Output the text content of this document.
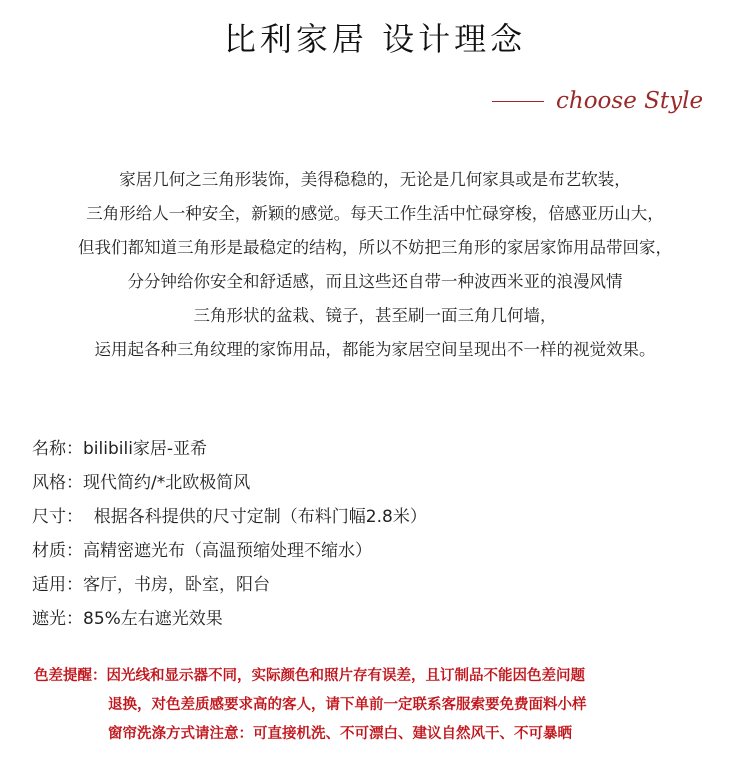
比利家居 设计理念
choose Style
家居几何之三角形装饰，美得稳稳的，无论是几何家具或是布艺软装，
三角形给人一种安全，新颖的感觉。每天工作生活中忙碌穿梭，倍感亚历山大，
但我们都知道三角形是最稳定的结构，所以不妨把三角形的家居家饰用品带回家，
分分钟给你安全和舒适感，而且这些还自带一种波西米亚的浪漫风情
三角形状的盆栽、镜子，甚至刷一面三角几何墙，
运用起各种三角纹理的家饰用品，都能为家居空间呈现出不一样的视觉效果。
名称： bilibili家居-亚希
风格： 现代简约/*北欧极简风
尺寸： 根据各科提供的尺寸定制（布料门幅2.8米）
材质： 高精密遮光布（高温预缩处理不缩水）
适用： 客厅，书房，卧室，阳台
遮光： 85%左右遮光效果
色差提醒：因光线和显示器不同，实际颜色和照片存有误差，且订制品不能因色差问题
退换，对色差质感要求高的客人，请下单前一定联系客服索要免费面料小样
窗帘洗涤方式请注意：可直接机洗、不可漂白、建议自然风干、不可暴晒
